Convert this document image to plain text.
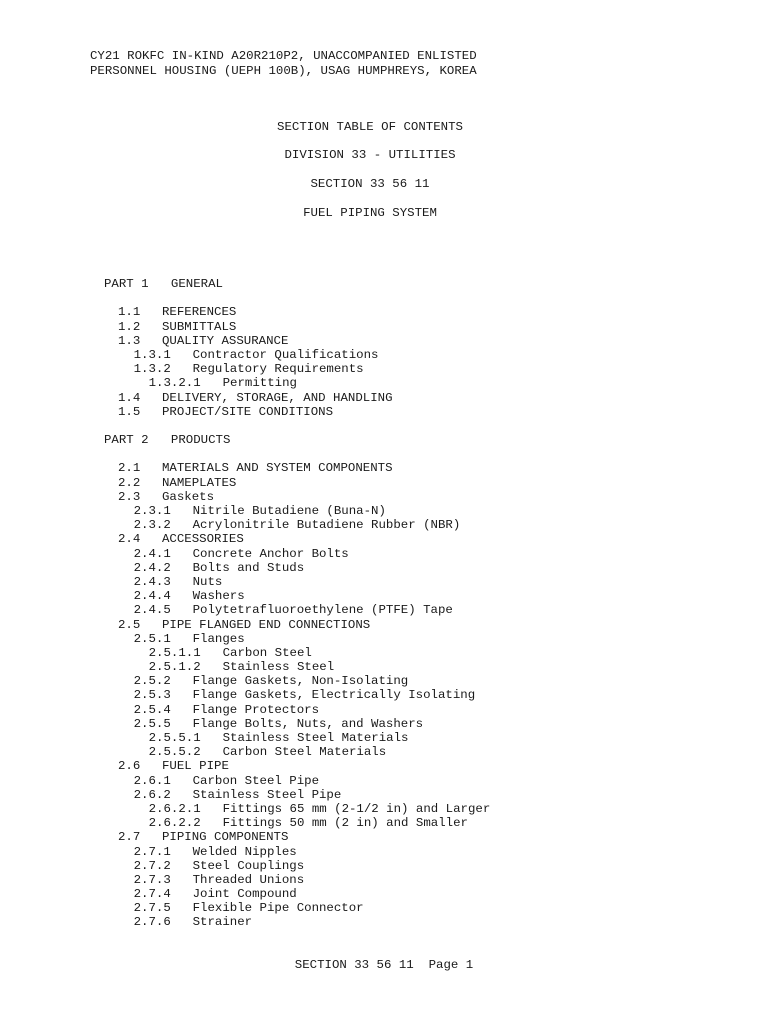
CY21 ROKFC IN-KIND A20R210P2, UNACCOMPANIED ENLISTED
PERSONNEL HOUSING (UEPH 100B), USAG HUMPHREYS, KOREA
SECTION TABLE OF CONTENTS
DIVISION 33 - UTILITIES
SECTION 33 56 11
FUEL PIPING SYSTEM
PART 1   GENERAL
1.1 REFERENCES
1.2 SUBMITTALS
1.3 QUALITY ASSURANCE
1.3.1 Contractor Qualifications
1.3.2 Regulatory Requirements
1.3.2.1 Permitting
1.4 DELIVERY, STORAGE, AND HANDLING
1.5 PROJECT/SITE CONDITIONS
PART 2   PRODUCTS
2.1 MATERIALS AND SYSTEM COMPONENTS
2.2 NAMEPLATES
2.3 Gaskets
2.3.1 Nitrile Butadiene (Buna-N)
2.3.2 Acrylonitrile Butadiene Rubber (NBR)
2.4 ACCESSORIES
2.4.1 Concrete Anchor Bolts
2.4.2 Bolts and Studs
2.4.3 Nuts
2.4.4 Washers
2.4.5 Polytetrafluoroethylene (PTFE) Tape
2.5 PIPE FLANGED END CONNECTIONS
2.5.1 Flanges
2.5.1.1 Carbon Steel
2.5.1.2 Stainless Steel
2.5.2 Flange Gaskets, Non-Isolating
2.5.3 Flange Gaskets, Electrically Isolating
2.5.4 Flange Protectors
2.5.5 Flange Bolts, Nuts, and Washers
2.5.5.1 Stainless Steel Materials
2.5.5.2 Carbon Steel Materials
2.6 FUEL PIPE
2.6.1 Carbon Steel Pipe
2.6.2 Stainless Steel Pipe
2.6.2.1 Fittings 65 mm (2-1/2 in) and Larger
2.6.2.2 Fittings 50 mm (2 in) and Smaller
2.7 PIPING COMPONENTS
2.7.1 Welded Nipples
2.7.2 Steel Couplings
2.7.3 Threaded Unions
2.7.4 Joint Compound
2.7.5 Flexible Pipe Connector
2.7.6 Strainer
SECTION 33 56 11  Page 1
